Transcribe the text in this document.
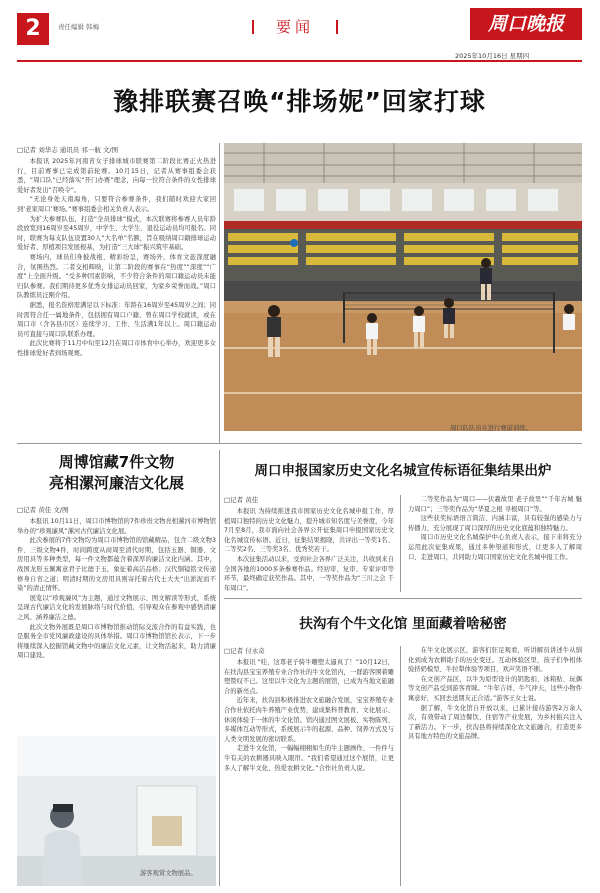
2	责任编辑 韩梅	要闻	周口晚报
2025年10月16日 星期四
豫排联赛召唤“排场妮”回家打球
□记者 刘华志 通讯员 祁一航 文/图

本报讯 2025年河南省女子排球城市联赛第二阶段比赛正火热进行，目前赛事已完成第前轮赛。10月15日，记者从赛事组委会获悉，“周口队”已经落实“开门办赛”理念，向每一位符合条件的女性排球爱好者发出“召唤令”。

“无论身处天南海角，只要符合参赛条件，我们随时欢迎大家回到‘老家周口’赛场。”赛事组委会相关负责人表示。

为扩大参赛队伍，打造“全员排球”模式，本次联赛将参赛人员年龄段放宽到16周岁至45周岁，中学生、大学生、退役运动员均可报名。同时，联赛为每支队伍设置30人“大名单”名额，旨在吸纳周口籍排球运动爱好者、厚植项目发展根基，为打造“三大球”振兴筑牢基础。

赛场内，球员们身披战袍、精彩纷呈，赛场外，体育文旅深度融合，氛围热烈。二者交相辉映，让第二阶段的赛事在“热度”“深度”“广度”上全面升级。“受多种因素影响，不少符合条件的周口籍运动员未能归队参赛。我们期待更多优秀女排运动员回家，为家乡荣誉而战。”周口队教练员汪刚介绍。

据悉，报名资格需满足以下标准：年龄在16周岁至45周岁之间；同时需符合任一属地条件，包括拥有周口户籍、曾在周口学校就读，或在周口市（含各县市区）连续学习、工作、生活满1年以上。周口籍运动员可直接与周口队联系办理。

此次比赛将于11月中旬至12月在周口市体育中心举办，欢迎更多女性排球爱好者到场观赛。

周口队队员在进行赛前训练。
周博馆藏7件文物
亮相漯河廉洁文化展
□记者 黄佳 文/图

本报讯 10月11日，周口市博物馆的7件珍贵文物亮相漯河市博物馆举办的“珍观廉风”漯河古代廉洁文化展。

此次参展的7件文物均为周口市博物馆的馆藏精品，包含二级文物3件、三级文物4件，时间跨度从商周至清代时期，包括玉器、铜器、文房用具等多种类型，每一件文物都蕴含着深厚的廉洁文化内涵。其中，战国龙形玉佩寓意君子比德于玉，象征着高洁品格；汉代铜镜铭文传递修身自省之道；明清时期的文房用具则寄托着古代士大夫“出淤泥而不染”的清正情怀。

展览以“珍观廉风”为主题，通过文物展示、图文解读等形式，系统呈现古代廉洁文化的发展脉络与时代价值，引导观众在参观中感悟清廉之风、涵养廉洁之德。

此次文物外展既是周口市博物馆推动馆际交流合作的有益实践，也是服务全市党风廉政建设的具体举措。周口市博物馆馆长表示，下一步将继续深入挖掘馆藏文物中的廉洁文化元素，让文物活起来，助力清廉周口建设。

游客观赏文物展品。
周口申报国家历史文化名城宣传标语征集结果出炉
□记者 黄佳

本报讯 为持续推进我市国家历史文化名城申报工作，厚植周口独特的历史文化魅力，提升城市知名度与美誉度，今年7月至8月，我市面向社会各界公开征集周口申报国家历史文化名城宣传标语。近日，征集结果揭晓，共评出一等奖1名、二等奖2名、三等奖3名、优秀奖若干。

本次征集活动以来，受到社会各界广泛关注，共收到来自全国各地的1000多条参赛作品。经初审、复审、专家评审等环节，最终确定获奖作品。其中，一等奖作品为“三川之会 千年周口”。

二等奖作品为“周口——伏羲故里 老子故里”“千年古城 魅力周口”；三等奖作品为“华夏之根 寻根周口”等。

这些获奖标语语言简洁、内涵丰富，具有较强的感染力与传播力，充分展现了周口深厚的历史文化底蕴和独特魅力。

周口市历史文化名城保护中心负责人表示，接下来将充分运用此次征集成果，通过多种渠道和形式，让更多人了解周口、走进周口，共同助力周口国家历史文化名城申报工作。

扶沟有个牛文化馆 里面藏着啥秘密
□记者 付永奇

本报讯 “哇，这尊老子骑牛雕塑太逼真了！”10月12日，在扶沟县宝宝养殖专业合作社的牛文化馆内，一群游客围着雕塑赞叹不已。这里以牛文化为主题的展馆，已成为当地文旅融合的新亮点。

近年来，扶沟县积极推进农文旅融合发展，宝宝养殖专业合作社依托肉牛养殖产业优势，建成集科普教育、文化展示、休闲体验于一体的牛文化馆。馆内通过图文展板、实物陈列、多媒体互动等形式，系统展示牛的起源、品种、饲养方式及与人类文明发展的密切联系。

走进牛文化馆，一幅幅栩栩如生的牛主题画作、一件件与牛有关的农耕器具映入眼帘。“我们希望通过这个展馆，让更多人了解牛文化、热爱农耕文化。”合作社负责人说。

在牛文化展示区，游客们驻足观看，听讲解员讲述牛从驯化到成为农耕助手的历史变迁。互动体验区里，孩子们争相体验挤奶模型、牛拉犁体验等项目，欢声笑语不断。

在文创产品区，以牛为原型设计的钥匙扣、冰箱贴、玩偶等文创产品受到游客青睐。“牛年吉祥、牛气冲天，这些小物件寓意好，买回去送朋友正合适。”游客王女士说。

据了解，牛文化馆自开放以来，已累计接待游客2万余人次，有效带动了周边餐饮、住宿等产业发展，为乡村振兴注入了新活力。下一步，扶沟县将持续深化农文旅融合，打造更多具有地方特色的文旅品牌。
